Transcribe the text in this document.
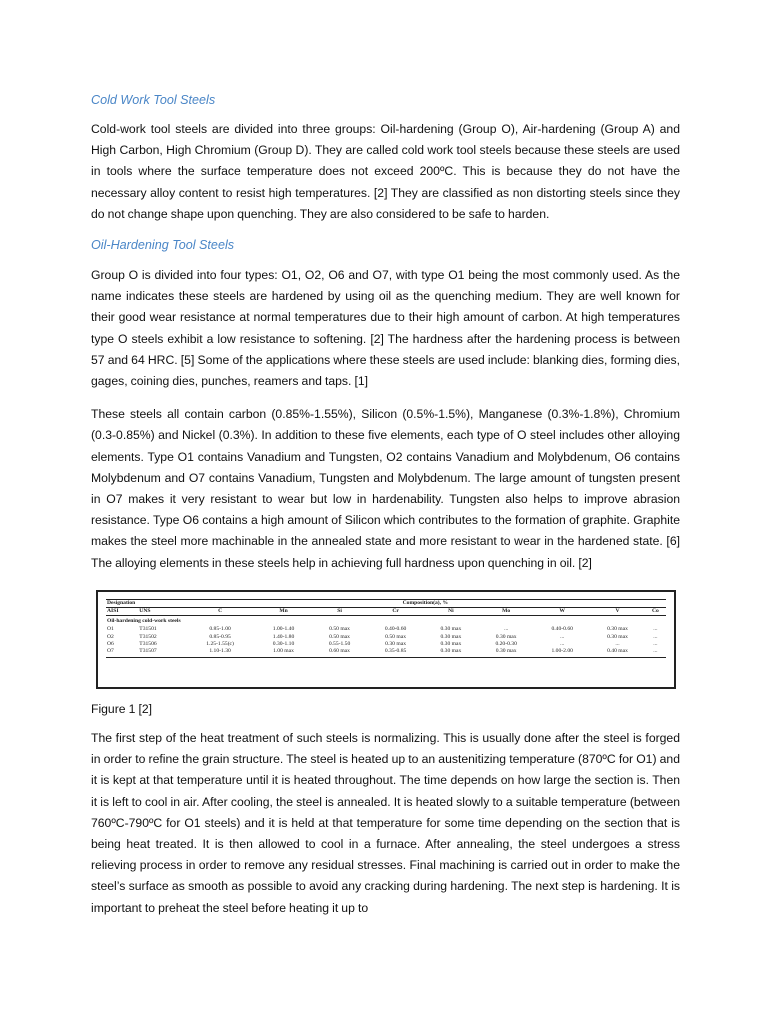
Cold Work Tool Steels

Cold-work tool steels are divided into three groups: Oil-hardening (Group O), Air-hardening (Group A) and High Carbon, High Chromium (Group D). They are called cold work tool steels because these steels are used in tools where the surface temperature does not exceed 200ºC. This is because they do not have the necessary alloy content to resist high temperatures. [2] They are classified as non distorting steels since they do not change shape upon quenching. They are also considered to be safe to harden.

Oil-Hardening Tool Steels

Group O is divided into four types: O1, O2, O6 and O7, with type O1 being the most commonly used. As the name indicates these steels are hardened by using oil as the quenching medium. They are well known for their good wear resistance at normal temperatures due to their high amount of carbon. At high temperatures type O steels exhibit a low resistance to softening. [2] The hardness after the hardening process is between 57 and 64 HRC. [5] Some of the applications where these steels are used include: blanking dies, forming dies, gages, coining dies, punches, reamers and taps. [1]

These steels all contain carbon (0.85%-1.55%), Silicon (0.5%-1.5%), Manganese (0.3%-1.8%), Chromium (0.3-0.85%) and Nickel (0.3%). In addition to these five elements, each type of O steel includes other alloying elements. Type O1 contains Vanadium and Tungsten, O2 contains Vanadium and Molybdenum, O6 contains Molybdenum and O7 contains Vanadium, Tungsten and Molybdenum. The large amount of tungsten present in O7 makes it very resistant to wear but low in hardenability. Tungsten also helps to improve abrasion resistance. Type O6 contains a high amount of Silicon which contributes to the formation of graphite. Graphite makes the steel more machinable in the annealed state and more resistant to wear in the hardened state. [6] The alloying elements in these steels help in achieving full hardness upon quenching in oil. [2]

Designation		Composition(a), %								
AISI	UNS	C	Mn	Si	Cr	Ni	Mo	W	V	Co
Oil-hardening cold-work steels										
O1	T31501	0.85-1.00	1.00-1.40	0.50 max	0.40-0.60	0.30 max	...	0.40-0.60	0.30 max	...
O2	T31502	0.85-0.95	1.40-1.80	0.50 max	0.50 max	0.30 max	0.30 max	...	0.30 max	...
O6	T31506	1.25-1.55(c)	0.30-1.10	0.55-1.50	0.30 max	0.30 max	0.20-0.30	...	...	...
O7	T31507	1.10-1.30	1.00 max	0.60 max	0.35-0.85	0.30 max	0.30 max	1.00-2.00	0.40 max	...

Figure 1 [2]

The first step of the heat treatment of such steels is normalizing. This is usually done after the steel is forged in order to refine the grain structure. The steel is heated up to an austenitizing temperature (870ºC for O1) and it is kept at that temperature until it is heated throughout. The time depends on how large the section is. Then it is left to cool in air. After cooling, the steel is annealed. It is heated slowly to a suitable temperature (between 760ºC-790ºC for O1 steels) and it is held at that temperature for some time depending on the section that is being heat treated. It is then allowed to cool in a furnace. After annealing, the steel undergoes a stress relieving process in order to remove any residual stresses. Final machining is carried out in order to make the steel’s surface as smooth as possible to avoid any cracking during hardening. The next step is hardening. It is important to preheat the steel before heating it up to
